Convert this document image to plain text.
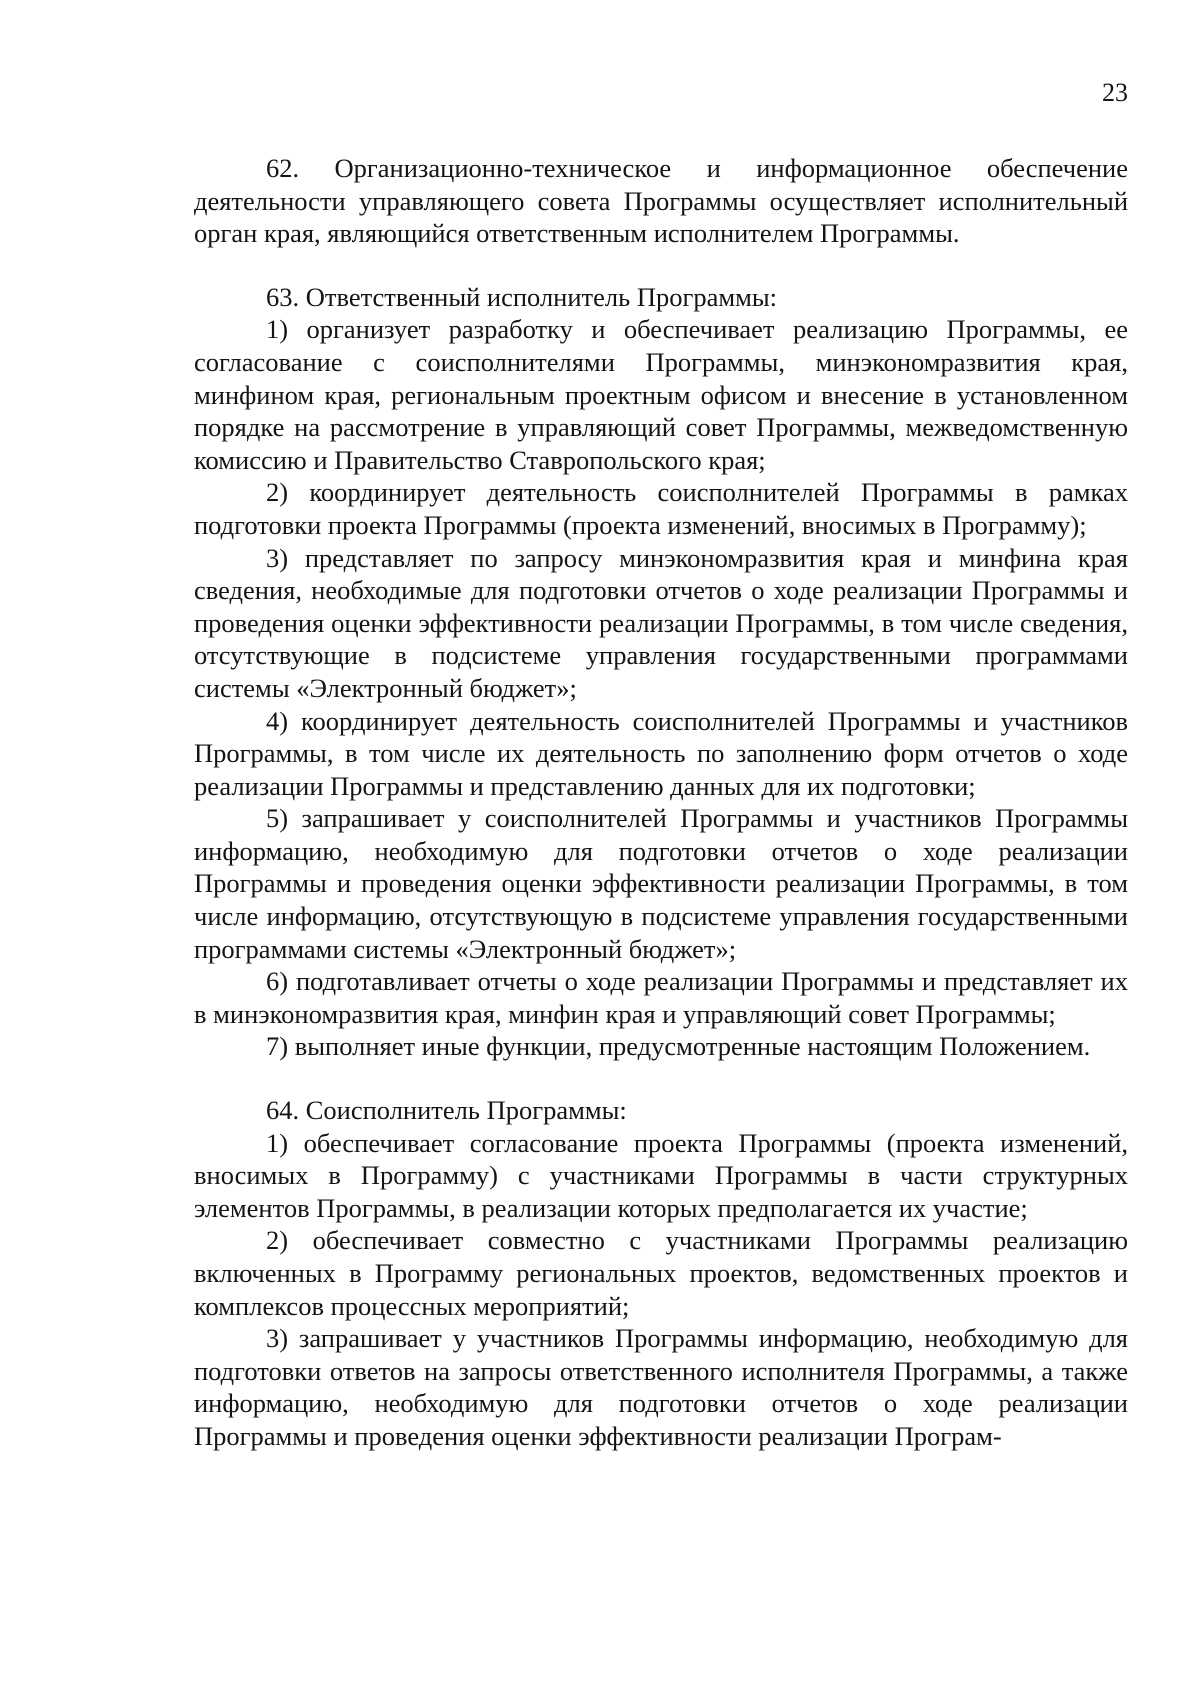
23

62. Организационно-техническое и информационное обеспечение деятельности управляющего совета Программы осуществляет исполнительный орган края, являющийся ответственным исполнителем Программы.

63. Ответственный исполнитель Программы:

1) организует разработку и обеспечивает реализацию Программы, ее согласование с соисполнителями Программы, минэкономразвития края, минфином края, региональным проектным офисом и внесение в установленном порядке на рассмотрение в управляющий совет Программы, межведомственную комиссию и Правительство Ставропольского края;

2) координирует деятельность соисполнителей Программы в рамках подготовки проекта Программы (проекта изменений, вносимых в Программу);

3) представляет по запросу минэкономразвития края и минфина края сведения, необходимые для подготовки отчетов о ходе реализации Программы и проведения оценки эффективности реализации Программы, в том числе сведения, отсутствующие в подсистеме управления государственными программами системы «Электронный бюджет»;

4) координирует деятельность соисполнителей Программы и участников Программы, в том числе их деятельность по заполнению форм отчетов о ходе реализации Программы и представлению данных для их подготовки;

5) запрашивает у соисполнителей Программы и участников Программы информацию, необходимую для подготовки отчетов о ходе реализации Программы и проведения оценки эффективности реализации Программы, в том числе информацию, отсутствующую в подсистеме управления государственными программами системы «Электронный бюджет»;

6) подготавливает отчеты о ходе реализации Программы и представляет их в минэкономразвития края, минфин края и управляющий совет Программы;

7) выполняет иные функции, предусмотренные настоящим Положением.

64. Соисполнитель Программы:

1) обеспечивает согласование проекта Программы (проекта изменений, вносимых в Программу) с участниками Программы в части структурных элементов Программы, в реализации которых предполагается их участие;

2) обеспечивает совместно с участниками Программы реализацию включенных в Программу региональных проектов, ведомственных проектов и комплексов процессных мероприятий;

3) запрашивает у участников Программы информацию, необходимую для подготовки ответов на запросы ответственного исполнителя Программы, а также информацию, необходимую для подготовки отчетов о ходе реализации Программы и проведения оценки эффективности реализации Програм-
